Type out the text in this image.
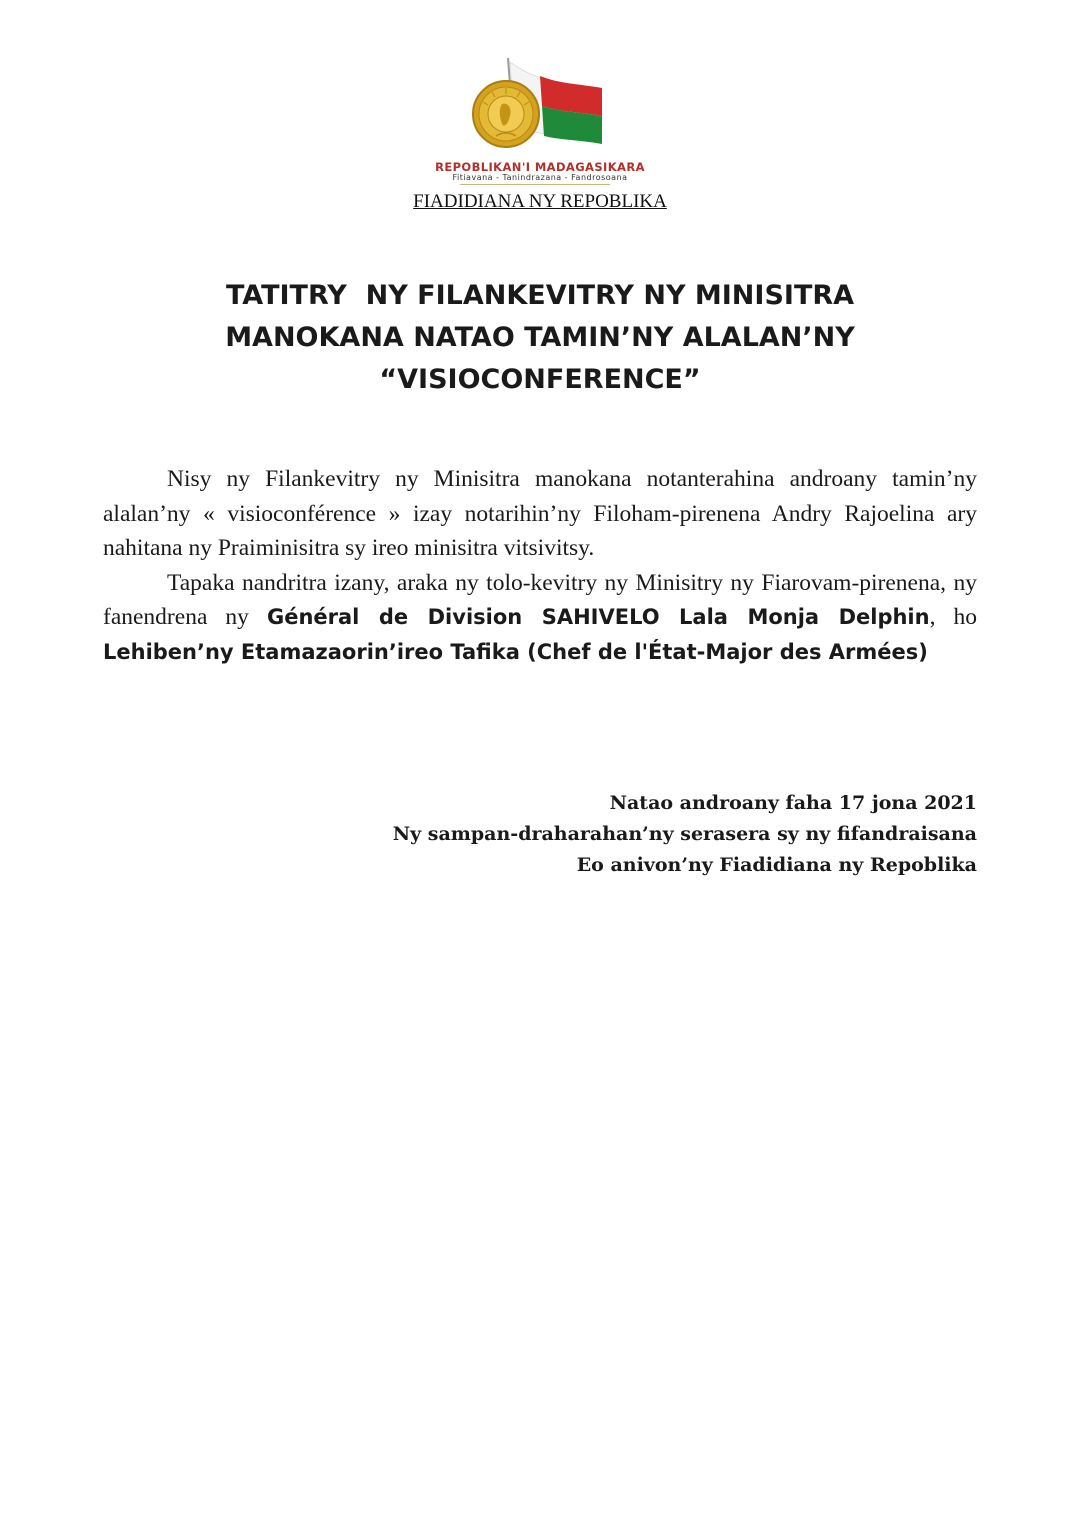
REPOBLIKAN'I MADAGASIKARA
Fitiavana - Tanindrazana - Fandrosoana
FIADIDIANA NY REPOBLIKA
TATITRY  NY FILANKEVITRY NY MINISITRA
MANOKANA NATAO TAMIN’NY ALALAN’NY
“VISIOCONFERENCE”

Nisy ny Filankevitry ny Minisitra manokana notanterahina androany tamin’ny alalan’ny « visioconférence » izay notarihin’ny Filoham-pirenena Andry Rajoelina ary nahitana ny Praiminisitra sy ireo minisitra vitsivitsy.

Tapaka nandritra izany, araka ny tolo-kevitry ny Minisitry ny Fiarovam-pirenena, ny fanendrena ny Général de Division SAHIVELO Lala Monja Delphin, ho Lehiben’ny Etamazaorin’ireo Tafika (Chef de l'État-Major des Armées)

Natao androany faha 17 jona 2021
Ny sampan-draharahan’ny serasera sy ny fifandraisana
Eo anivon’ny Fiadidiana ny Repoblika
